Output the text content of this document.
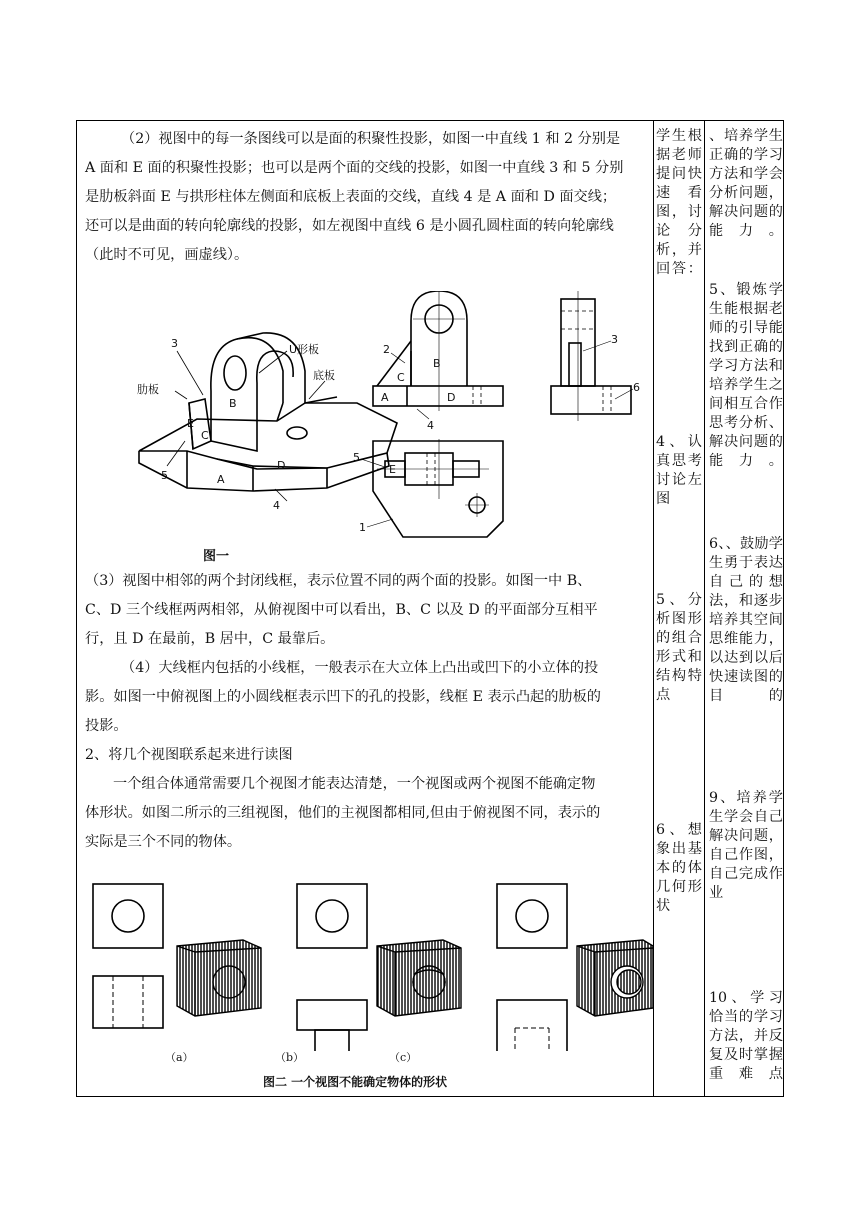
（2）视图中的每一条图线可以是面的积聚性投影，如图一中直线 1 和 2 分别是
A 面和 E 面的积聚性投影；也可以是两个面的交线的投影，如图一中直线 3 和 5 分别
是肋板斜面 E 与拱形柱体左侧面和底板上表面的交线，直线 4 是 A 面和 D 面交线；
还可以是曲面的转向轮廓线的投影，如左视图中直线 6 是小圆孔圆柱面的转向轮廓线
（此时不可见，画虚线）。
3
肋板
5
U形板
底板
B
C
E
A
D
4
2
B
C
A	D
4
3
6
5
E
1
图一
（3）视图中相邻的两个封闭线框，表示位置不同的两个面的投影。如图一中 B、
C、D 三个线框两两相邻，从俯视图中可以看出，B、C 以及 D 的平面部分互相平
行，且 D 在最前，B 居中，C 最靠后。
（4）大线框内包括的小线框，一般表示在大立体上凸出或凹下的小立体的投
影。如图一中俯视图上的小圆线框表示凹下的孔的投影，线框 E 表示凸起的肋板的
投影。
2、将几个视图联系起来进行读图
一个组合体通常需要几个视图才能表达清楚，一个视图或两个视图不能确定物
体形状。如图二所示的三组视图，他们的主视图都相同,但由于俯视图不同，表示的
实际是三个不同的物体。
（a）	（b）	（c）
图二 一个视图不能确定物体的形状
学生根据老师提问快速看图，讨论分析，并回答：
4、认真思考讨论左图
5、分析图形的组合形式和结构特点
6、想象出基本的体几何形状
、培养学生正确的学习方法和学会分析问题，解决问题的能力。
5、锻炼学生能根据老师的引导能找到正确的学习方法和培养学生之间相互合作思考分析、解决问题的能力。
6、、鼓励学生勇于表达自己的想法，和逐步培养其空间思维能力，以达到以后快速读图的目的
9、培养学生学会自己解决问题，自己作图，自己完成作业
10、学习恰当的学习方法，并反复及时掌握重难点
